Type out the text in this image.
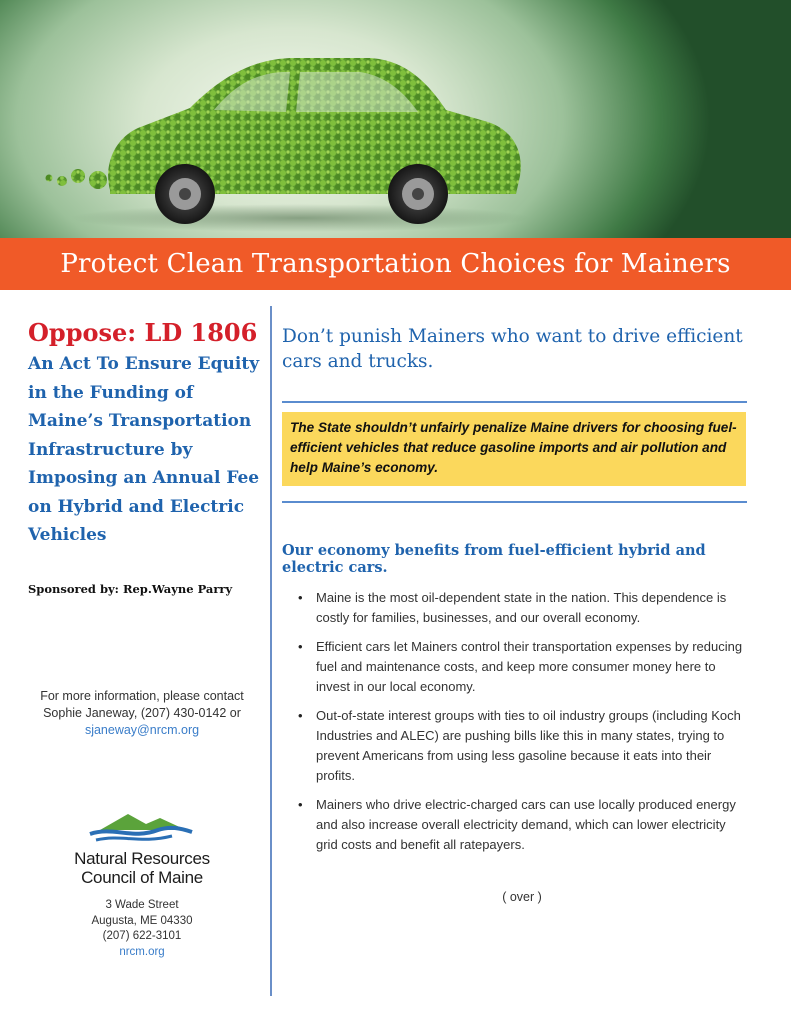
Protect Clean Transportation Choices for Mainers

Oppose: LD 1806

An Act To Ensure Equity in the Funding of Maine’s Transportation Infrastructure by Imposing an Annual Fee on Hybrid and Electric Vehicles

Sponsored by: Rep.Wayne Parry
For more information, please contact
Sophie Janeway, (207) 430-0142 or
sjaneway@nrcm.org
Natural Resources
Council of Maine
3 Wade Street
Augusta, ME 04330
(207) 622-3101
nrcm.org

Don’t punish Mainers who want to drive efficient cars and trucks.

The State shouldn’t unfairly penalize Maine drivers for choosing fuel-efficient vehicles that reduce gasoline imports and air pollution and help Maine’s economy.
Our economy benefits from fuel-efficient hybrid and electric cars.
• Maine is the most oil-dependent state in the nation. This dependence is costly for families, businesses, and our overall economy.
• Efficient cars let Mainers control their transportation expenses by reducing fuel and maintenance costs, and keep more consumer money here to invest in our local economy.
• Out-of-state interest groups with ties to oil industry groups (including Koch Industries and ALEC) are pushing bills like this in many states, trying to prevent Americans from using less gasoline because it eats into their profits.
• Mainers who drive electric-charged cars can use locally produced energy and also increase overall electricity demand, which can lower electricity grid costs and benefit all ratepayers.
( over )
